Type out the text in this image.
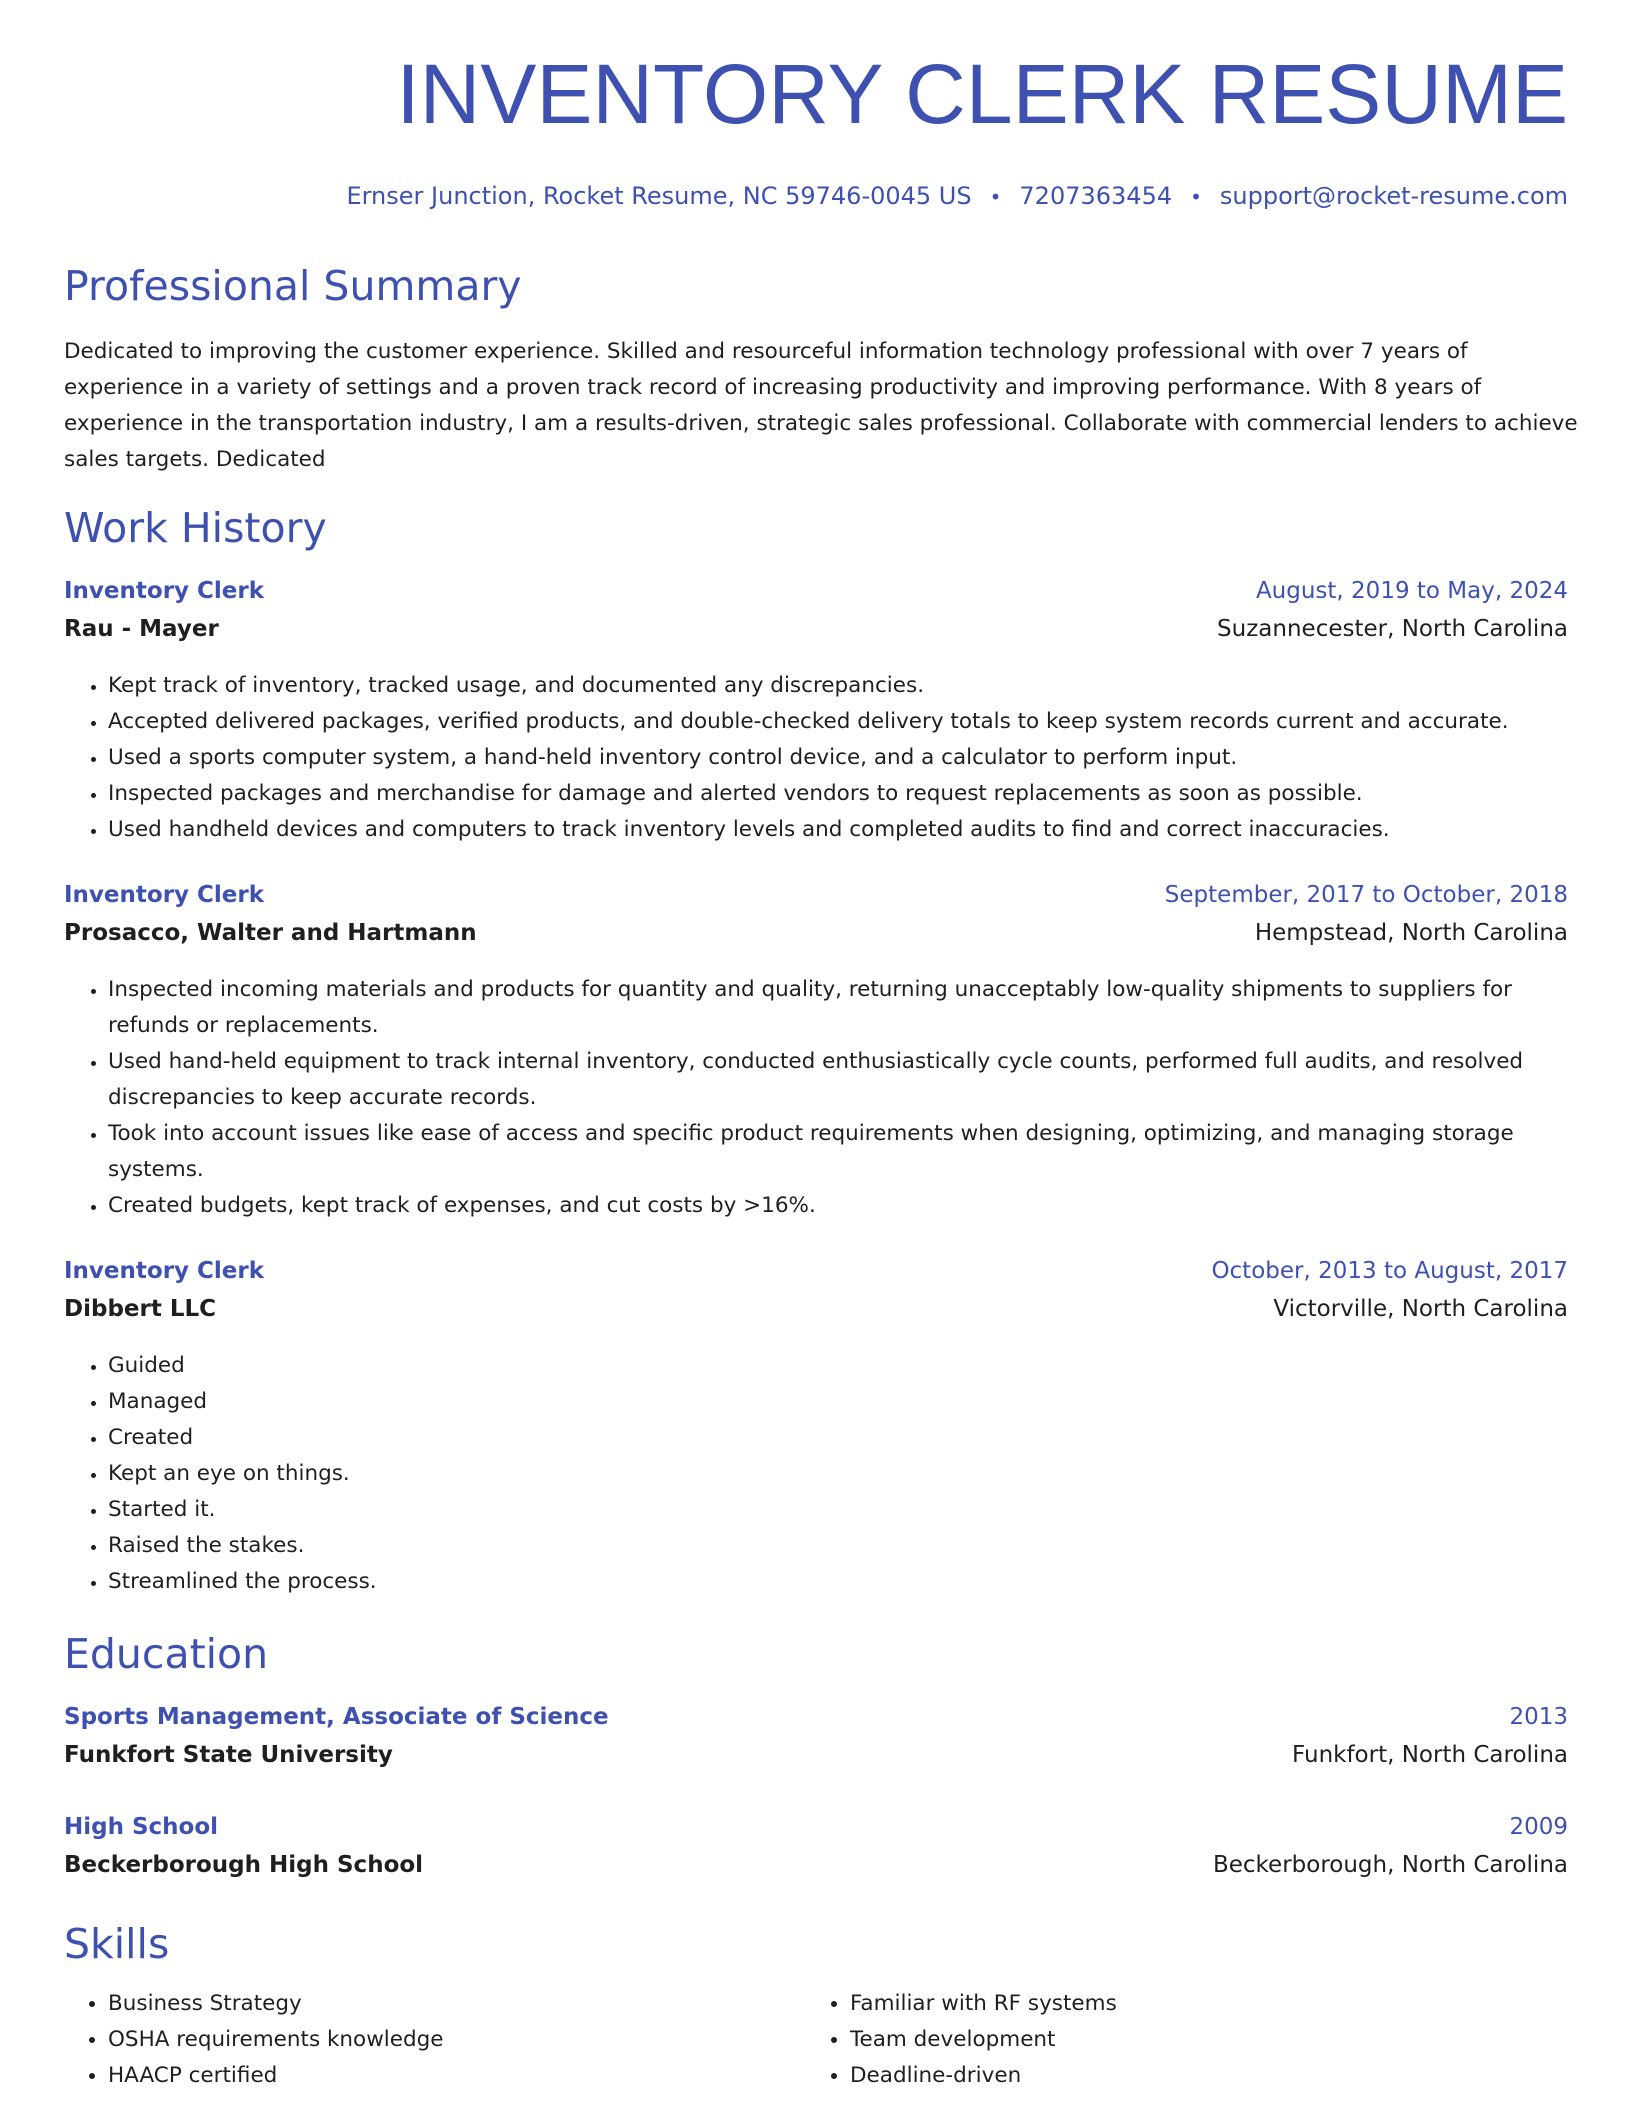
INVENTORY CLERK RESUME
Ernser Junction, Rocket Resume, NC 59746-0045 US • 7207363454 • support@rocket-resume.com
Professional Summary

Dedicated to improving the customer experience. Skilled and resourceful information technology professional with over 7 years of experience in a variety of settings and a proven track record of increasing productivity and improving performance. With 8 years of experience in the transportation industry, I am a results-driven, strategic sales professional. Collaborate with commercial lenders to achieve sales targets. Dedicated

Work History
Inventory Clerk	August, 2019 to May, 2024
Rau - Mayer	Suzannecester, North Carolina
• Kept track of inventory, tracked usage, and documented any discrepancies.
• Accepted delivered packages, verified products, and double-checked delivery totals to keep system records current and accurate.
• Used a sports computer system, a hand-held inventory control device, and a calculator to perform input.
• Inspected packages and merchandise for damage and alerted vendors to request replacements as soon as possible.
• Used handheld devices and computers to track inventory levels and completed audits to find and correct inaccuracies.
Inventory Clerk	September, 2017 to October, 2018
Prosacco, Walter and Hartmann	Hempstead, North Carolina
• Inspected incoming materials and products for quantity and quality, returning unacceptably low-quality shipments to suppliers for refunds or replacements.
• Used hand-held equipment to track internal inventory, conducted enthusiastically cycle counts, performed full audits, and resolved discrepancies to keep accurate records.
• Took into account issues like ease of access and specific product requirements when designing, optimizing, and managing storage systems.
• Created budgets, kept track of expenses, and cut costs by >16%.
Inventory Clerk	October, 2013 to August, 2017
Dibbert LLC	Victorville, North Carolina
• Guided
• Managed
• Created
• Kept an eye on things.
• Started it.
• Raised the stakes.
• Streamlined the process.
Education
Sports Management, Associate of Science	2013
Funkfort State University	Funkfort, North Carolina
High School	2009
Beckerborough High School	Beckerborough, North Carolina
Skills
• Business Strategy
• OSHA requirements knowledge
• HAACP certified
• Familiar with RF systems
• Team development
• Deadline-driven
